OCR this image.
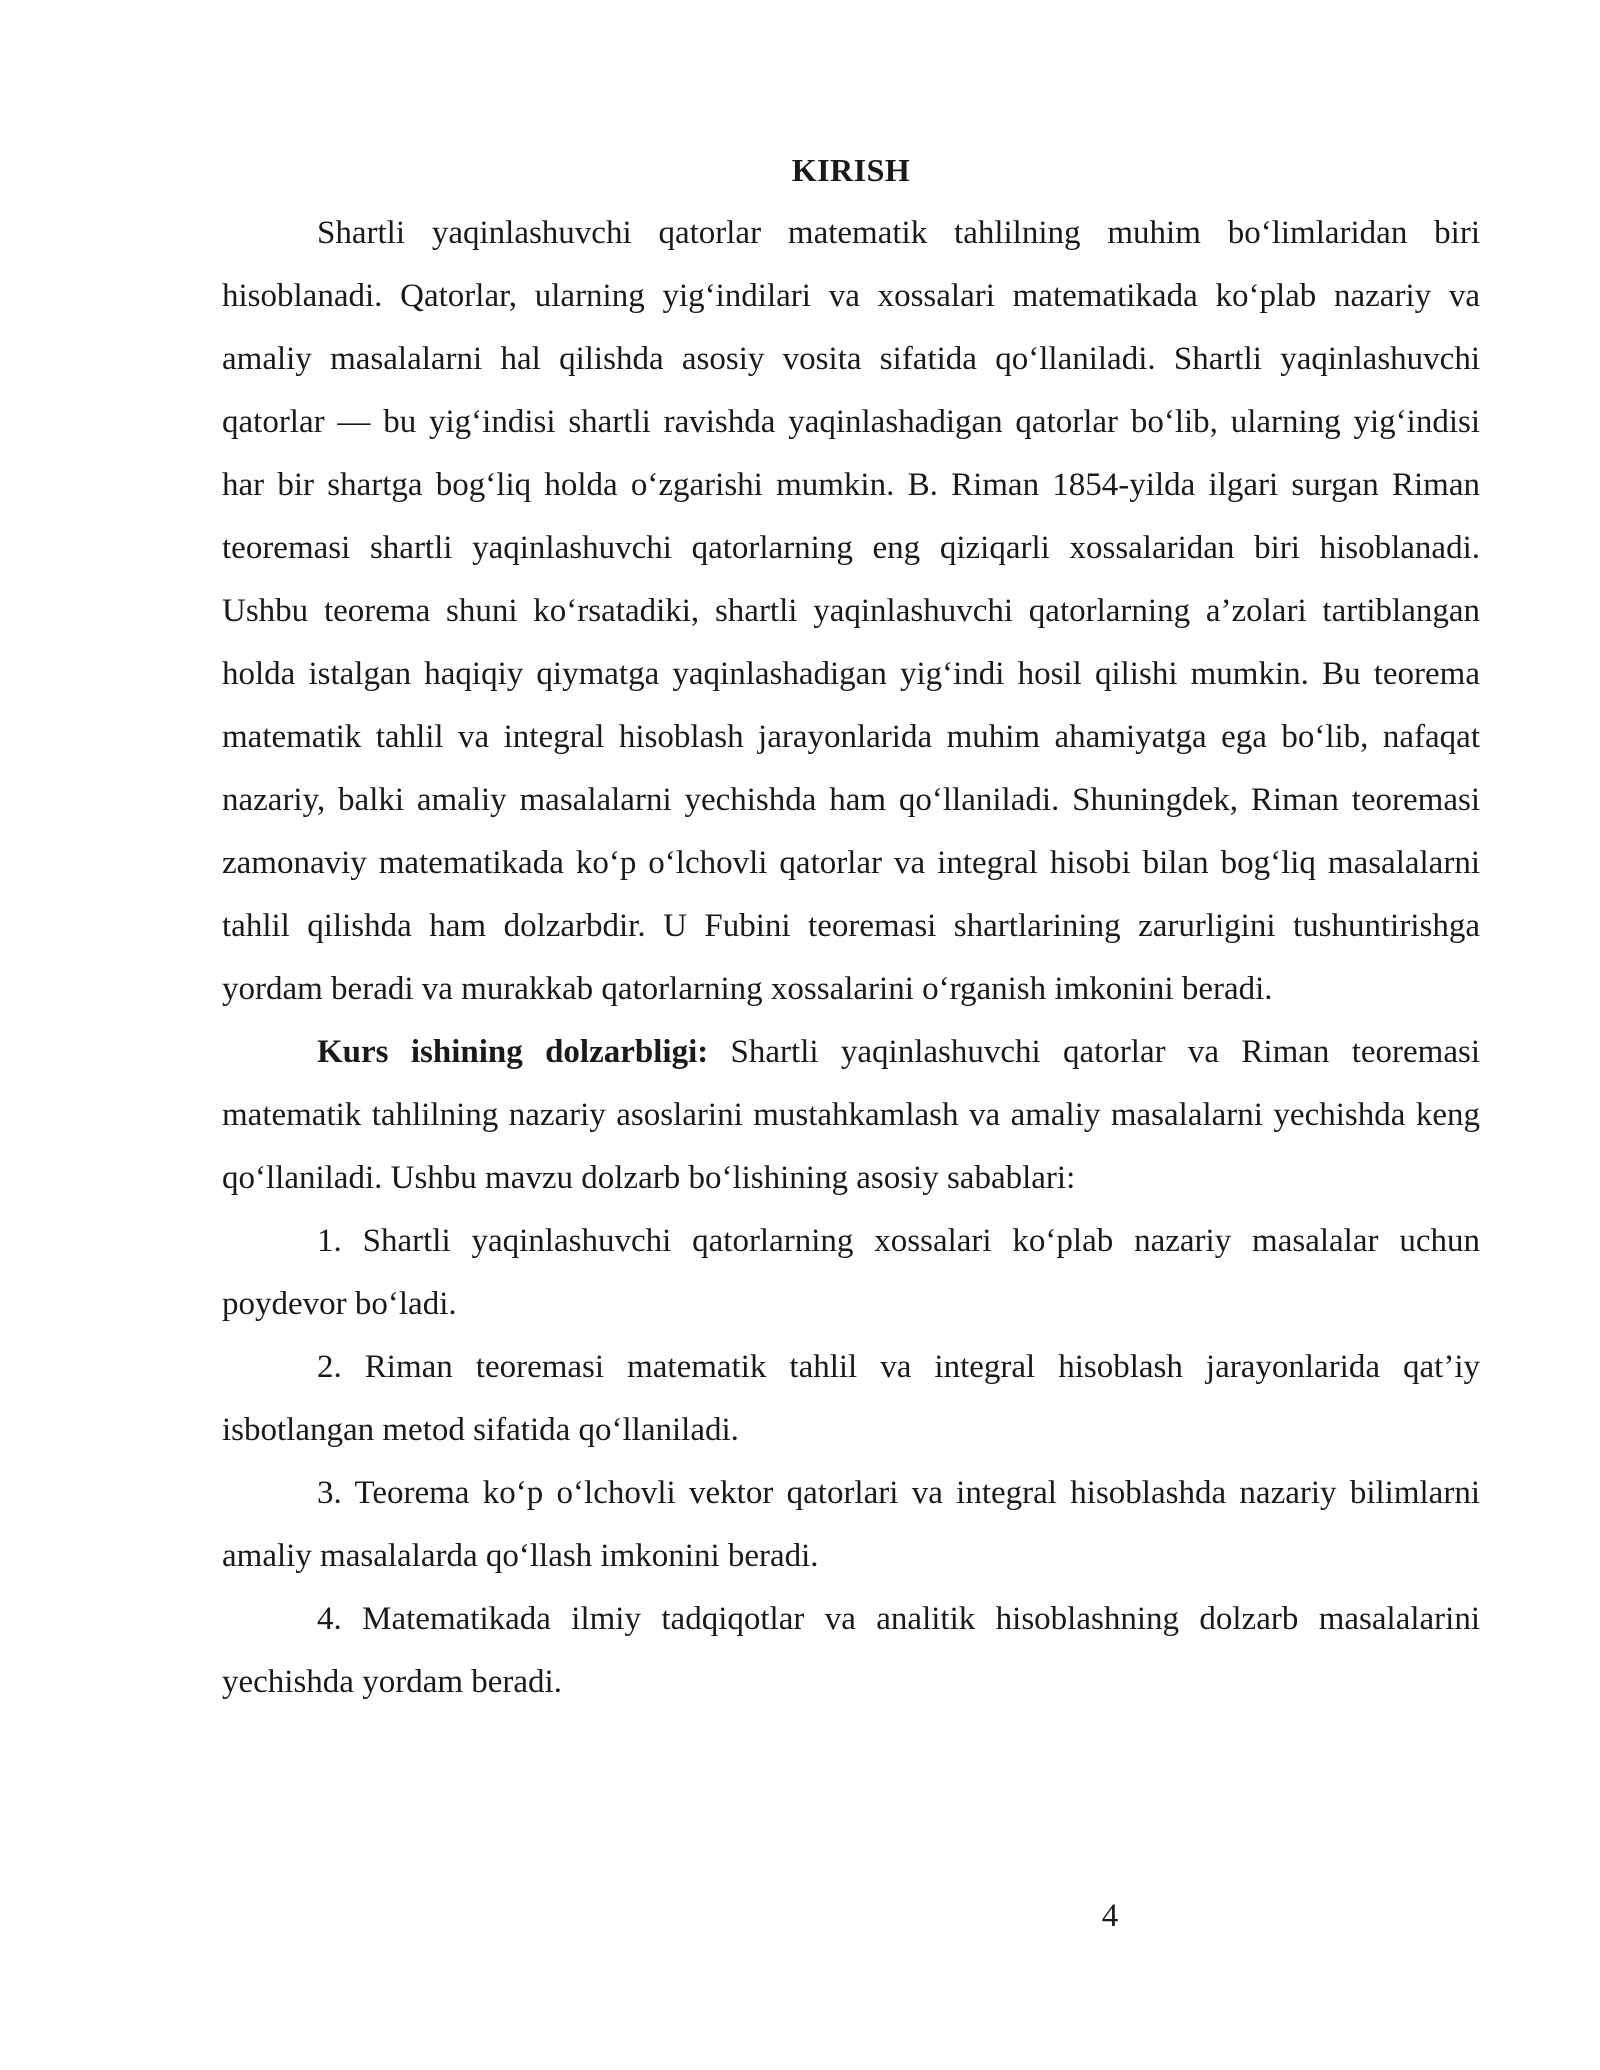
KIRISH

Shartli yaqinlashuvchi qatorlar matematik tahlilning muhim bo‘limlaridan biri hisoblanadi. Qatorlar, ularning yig‘indilari va xossalari matematikada ko‘plab nazariy va amaliy masalalarni hal qilishda asosiy vosita sifatida qo‘llaniladi. Shartli yaqinlashuvchi qatorlar — bu yig‘indisi shartli ravishda yaqinlashadigan qatorlar bo‘lib, ularning yig‘indisi har bir shartga bog‘liq holda o‘zgarishi mumkin. B. Riman 1854-yilda ilgari surgan Riman teoremasi shartli yaqinlashuvchi qatorlarning eng qiziqarli xossalaridan biri hisoblanadi. Ushbu teorema shuni ko‘rsatadiki, shartli yaqinlashuvchi qatorlarning a’zolari tartiblangan holda istalgan haqiqiy qiymatga yaqinlashadigan yig‘indi hosil qilishi mumkin. Bu teorema matematik tahlil va integral hisoblash jarayonlarida muhim ahamiyatga ega bo‘lib, nafaqat nazariy, balki amaliy masalalarni yechishda ham qo‘llaniladi. Shuningdek, Riman teoremasi zamonaviy matematikada ko‘p o‘lchovli qatorlar va integral hisobi bilan bog‘liq masalalarni tahlil qilishda ham dolzarbdir. U Fubini teoremasi shartlarining zarurligini tushuntirishga yordam beradi va murakkab qatorlarning xossalarini o‘rganish imkonini beradi.

Kurs ishining dolzarbligi: Shartli yaqinlashuvchi qatorlar va Riman teoremasi matematik tahlilning nazariy asoslarini mustahkamlash va amaliy masalalarni yechishda keng qo‘llaniladi. Ushbu mavzu dolzarb bo‘lishining asosiy sabablari:

1. Shartli yaqinlashuvchi qatorlarning xossalari ko‘plab nazariy masalalar uchun poydevor bo‘ladi.

2. Riman teoremasi matematik tahlil va integral hisoblash jarayonlarida qat’iy isbotlangan metod sifatida qo‘llaniladi.

3. Teorema ko‘p o‘lchovli vektor qatorlari va integral hisoblashda nazariy bilimlarni amaliy masalalarda qo‘llash imkonini beradi.

4. Matematikada ilmiy tadqiqotlar va analitik hisoblashning dolzarb masalalarini yechishda yordam beradi.

4
